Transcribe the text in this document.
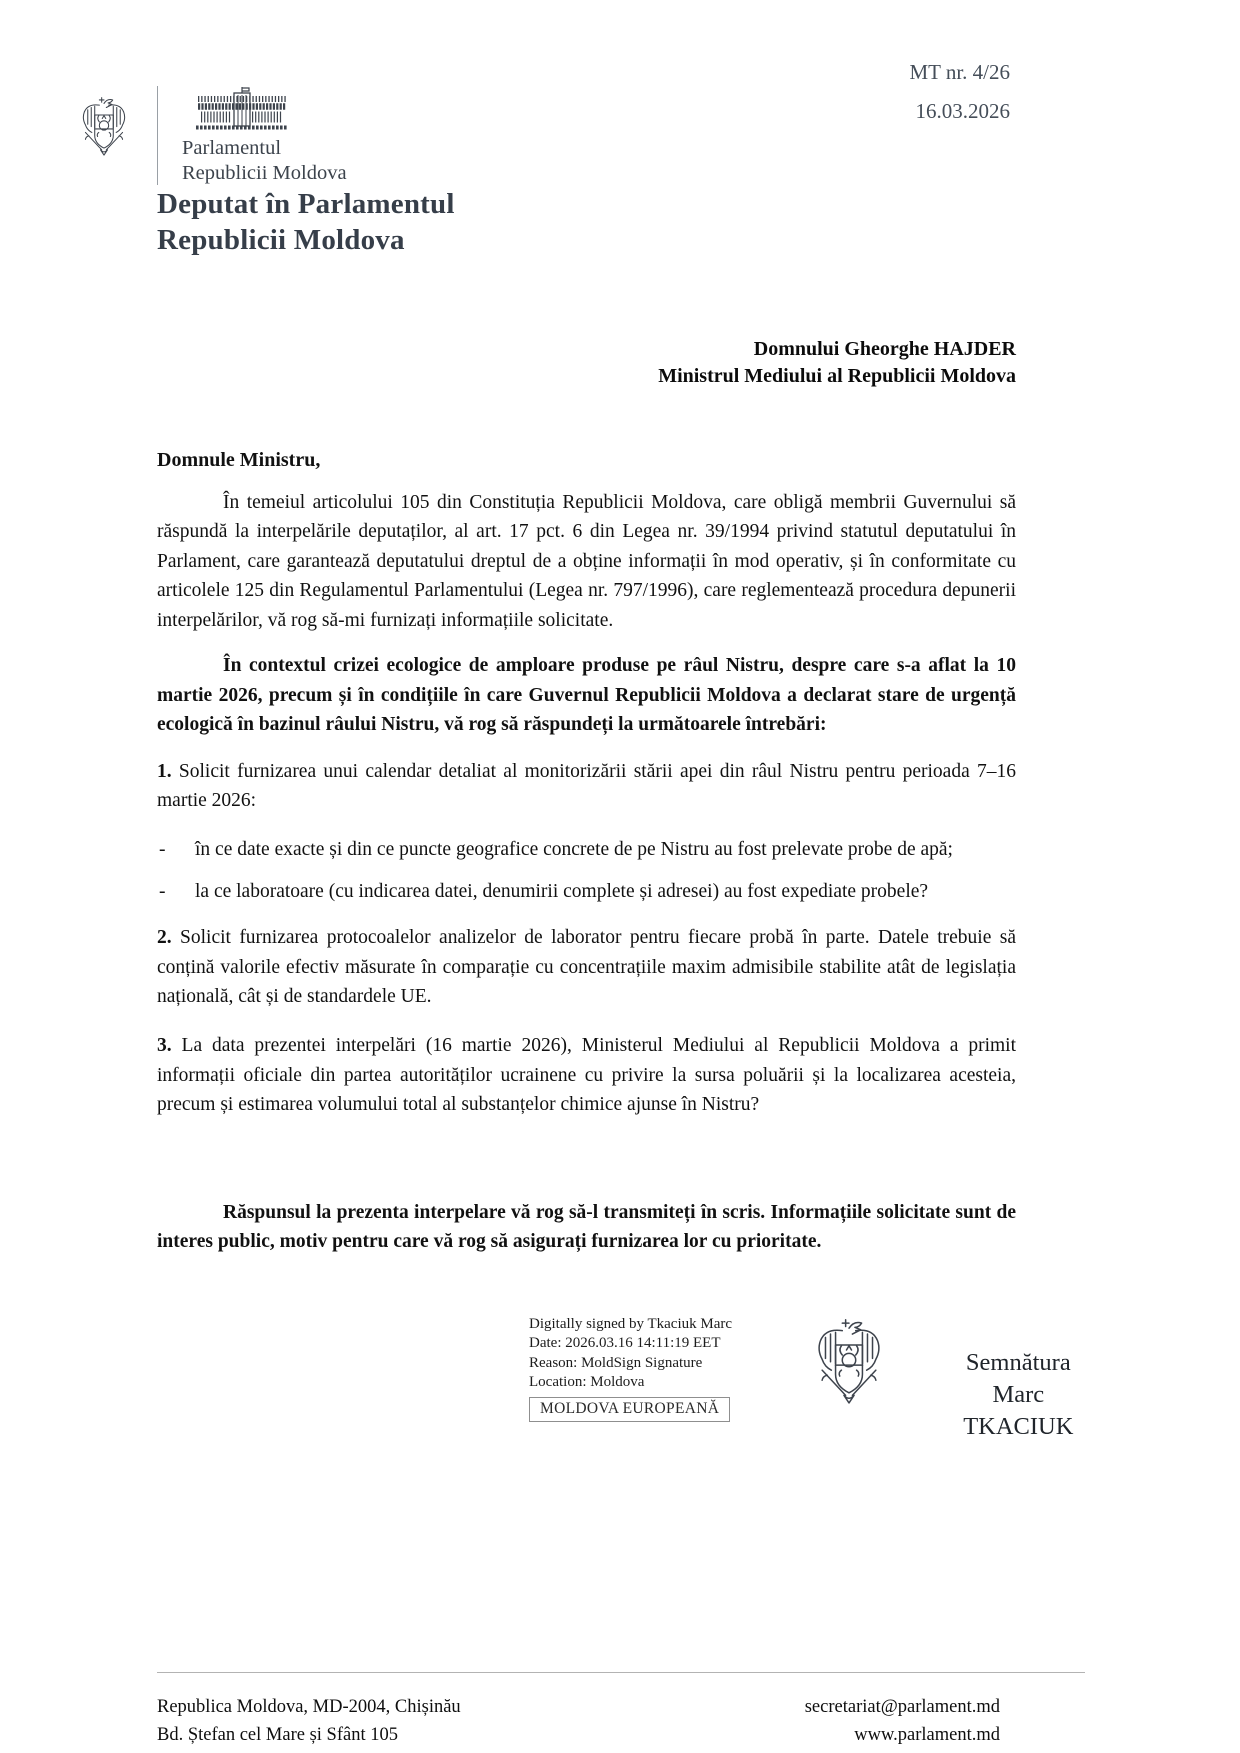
Parlamentul
Republicii Moldova
MT nr. 4/26
16.03.2026
Deputat în Parlamentul
Republicii Moldova
Domnului Gheorghe HAJDER
Ministrul Mediului al Republicii Moldova
Domnule Ministru,

În temeiul articolului 105 din Constituția Republicii Moldova, care obligă membrii Guvernului să răspundă la interpelările deputaților, al art. 17 pct. 6 din Legea nr. 39/1994 privind statutul deputatului în Parlament, care garantează deputatului dreptul de a obține informații în mod operativ, și în conformitate cu articolele 125 din Regulamentul Parlamentului (Legea nr. 797/1996), care reglementează procedura depunerii interpelărilor, vă rog să-mi furnizați informațiile solicitate.

În contextul crizei ecologice de amploare produse pe râul Nistru, despre care s-a aflat la 10 martie 2026, precum și în condițiile în care Guvernul Republicii Moldova a declarat stare de urgență ecologică în bazinul râului Nistru, vă rog să răspundeți la următoarele întrebări:

1. Solicit furnizarea unui calendar detaliat al monitorizării stării apei din râul Nistru pentru perioada 7–16 martie 2026:

- în ce date exacte și din ce puncte geografice concrete de pe Nistru au fost prelevate probe de apă;
- la ce laboratoare (cu indicarea datei, denumirii complete și adresei) au fost expediate probele?

2. Solicit furnizarea protocoalelor analizelor de laborator pentru fiecare probă în parte. Datele trebuie să conțină valorile efectiv măsurate în comparație cu concentrațiile maxim admisibile stabilite atât de legislația națională, cât și de standardele UE.

3. La data prezentei interpelări (16 martie 2026), Ministerul Mediului al Republicii Moldova a primit informații oficiale din partea autorităților ucrainene cu privire la sursa poluării și la localizarea acesteia, precum și estimarea volumului total al substanțelor chimice ajunse în Nistru?

Răspunsul la prezenta interpelare vă rog să-l transmiteți în scris. Informațiile solicitate sunt de interes public, motiv pentru care vă rog să asigurați furnizarea lor cu prioritate.

Digitally signed by Tkaciuk Marc
Date: 2026.03.16 14:11:19 EET
Reason: MoldSign Signature
Location: Moldova
MOLDOVA EUROPEANĂ
Semnătura
Marc TKACIUK
Republica Moldova, MD-2004, Chișinău
Bd. Ștefan cel Mare și Sfânt 105
secretariat@parlament.md
www.parlament.md
